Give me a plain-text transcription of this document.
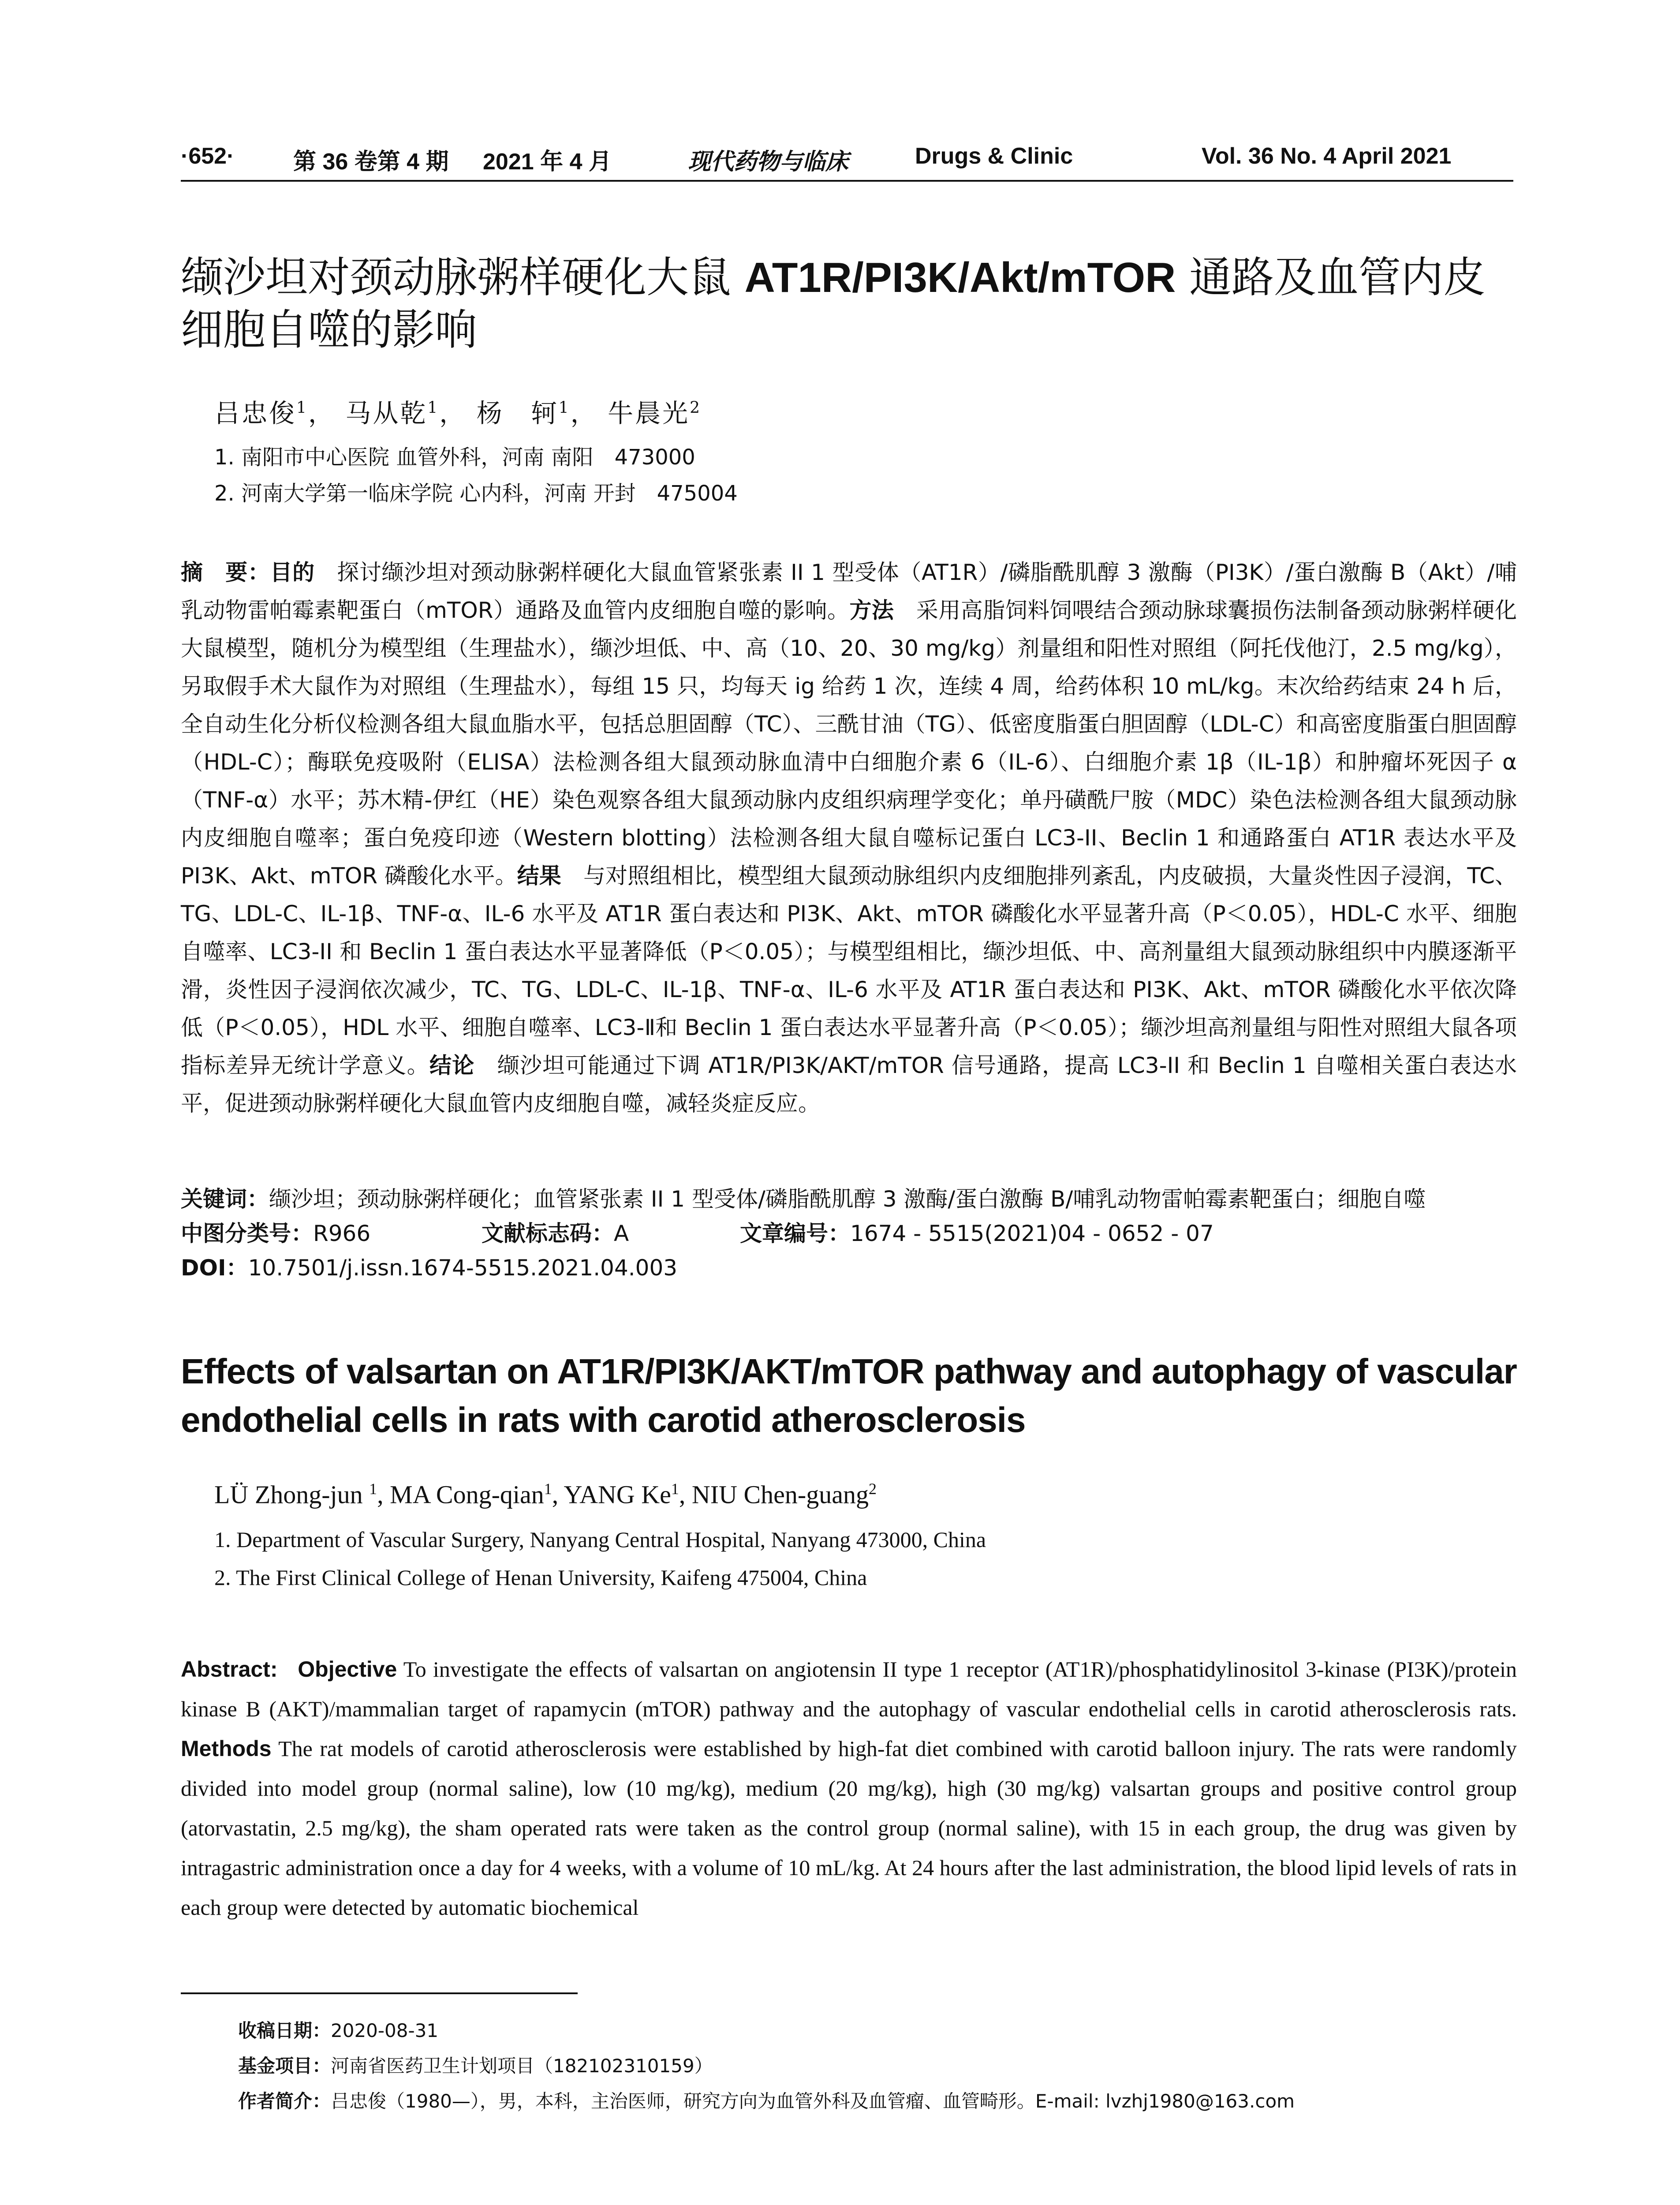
·652·	第 36 卷第 4 期 2021 年 4 月	现代药物与临床	Drugs & Clinic	Vol. 36 No. 4 April 2021
缬沙坦对颈动脉粥样硬化大鼠 AT1R/PI3K/Akt/mTOR 通路及血管内皮细胞自噬的影响
吕忠俊$^1$， 马从乾$^1$， 杨　轲$^1$， 牛晨光$^2$
1. 南阳市中心医院 血管外科，河南 南阳　473000
2. 河南大学第一临床学院 心内科，河南 开封　475004
摘　要：目的　探讨缬沙坦对颈动脉粥样硬化大鼠血管紧张素 II 1 型受体（AT1R）/磷脂酰肌醇 3 激酶（PI3K）/蛋白激酶 B（Akt）/哺乳动物雷帕霉素靶蛋白（mTOR）通路及血管内皮细胞自噬的影响。方法　采用高脂饲料饲喂结合颈动脉球囊损伤法制备颈动脉粥样硬化大鼠模型，随机分为模型组（生理盐水），缬沙坦低、中、高（10、20、30 mg/kg）剂量组和阳性对照组（阿托伐他汀，2.5 mg/kg），另取假手术大鼠作为对照组（生理盐水），每组 15 只，均每天 ig 给药 1 次，连续 4 周，给药体积 10 mL/kg。末次给药结束 24 h 后，全自动生化分析仪检测各组大鼠血脂水平，包括总胆固醇（TC）、三酰甘油（TG）、低密度脂蛋白胆固醇（LDL-C）和高密度脂蛋白胆固醇（HDL-C）；酶联免疫吸附（ELISA）法检测各组大鼠颈动脉血清中白细胞介素 6（IL-6）、白细胞介素 1β（IL-1β）和肿瘤坏死因子 α（TNF-α）水平；苏木精-伊红（HE）染色观察各组大鼠颈动脉内皮组织病理学变化；单丹磺酰尸胺（MDC）染色法检测各组大鼠颈动脉内皮细胞自噬率；蛋白免疫印迹（Western blotting）法检测各组大鼠自噬标记蛋白 LC3-II、Beclin 1 和通路蛋白 AT1R 表达水平及 PI3K、Akt、mTOR 磷酸化水平。结果　与对照组相比，模型组大鼠颈动脉组织内皮细胞排列紊乱，内皮破损，大量炎性因子浸润，TC、TG、LDL-C、IL-1β、TNF-α、IL-6 水平及 AT1R 蛋白表达和 PI3K、Akt、mTOR 磷酸化水平显著升高（P＜0.05），HDL-C 水平、细胞自噬率、LC3-II 和 Beclin 1 蛋白表达水平显著降低（P＜0.05）；与模型组相比，缬沙坦低、中、高剂量组大鼠颈动脉组织中内膜逐渐平滑，炎性因子浸润依次减少，TC、TG、LDL-C、IL-1β、TNF-α、IL-6 水平及 AT1R 蛋白表达和 PI3K、Akt、mTOR 磷酸化水平依次降低（P＜0.05），HDL 水平、细胞自噬率、LC3-Ⅱ和 Beclin 1 蛋白表达水平显著升高（P＜0.05）；缬沙坦高剂量组与阳性对照组大鼠各项指标差异无统计学意义。结论　缬沙坦可能通过下调 AT1R/PI3K/AKT/mTOR 信号通路，提高 LC3-II 和 Beclin 1 自噬相关蛋白表达水平，促进颈动脉粥样硬化大鼠血管内皮细胞自噬，减轻炎症反应。
关键词：缬沙坦；颈动脉粥样硬化；血管紧张素 II 1 型受体/磷脂酰肌醇 3 激酶/蛋白激酶 B/哺乳动物雷帕霉素靶蛋白；细胞自噬
中图分类号：R966	文献标志码：A	文章编号：1674 - 5515(2021)04 - 0652 - 07
DOI：10.7501/j.issn.1674-5515.2021.04.003
Effects of valsartan on AT1R/PI3K/AKT/mTOR pathway and autophagy of vascular endothelial cells in rats with carotid atherosclerosis
LÜ Zhong-jun $^1$, MA Cong-qian$^1$, YANG Ke$^1$, NIU Chen-guang$^2$
1. Department of Vascular Surgery, Nanyang Central Hospital, Nanyang 473000, China
2. The First Clinical College of Henan University, Kaifeng 475004, China
Abstract: Objective To investigate the effects of valsartan on angiotensin II type 1 receptor (AT1R)/phosphatidylinositol 3-kinase (PI3K)/protein kinase B (AKT)/mammalian target of rapamycin (mTOR) pathway and the autophagy of vascular endothelial cells in carotid atherosclerosis rats. Methods The rat models of carotid atherosclerosis were established by high-fat diet combined with carotid balloon injury. The rats were randomly divided into model group (normal saline), low (10 mg/kg), medium (20 mg/kg), high (30 mg/kg) valsartan groups and positive control group (atorvastatin, 2.5 mg/kg), the sham operated rats were taken as the control group (normal saline), with 15 in each group, the drug was given by intragastric administration once a day for 4 weeks, with a volume of 10 mL/kg. At 24 hours after the last administration, the blood lipid levels of rats in each group were detected by automatic biochemical
收稿日期：2020-08-31
基金项目：河南省医药卫生计划项目（182102310159）
作者简介：吕忠俊（1980—），男，本科，主治医师，研究方向为血管外科及血管瘤、血管畸形。E-mail: lvzhj1980@163.com
